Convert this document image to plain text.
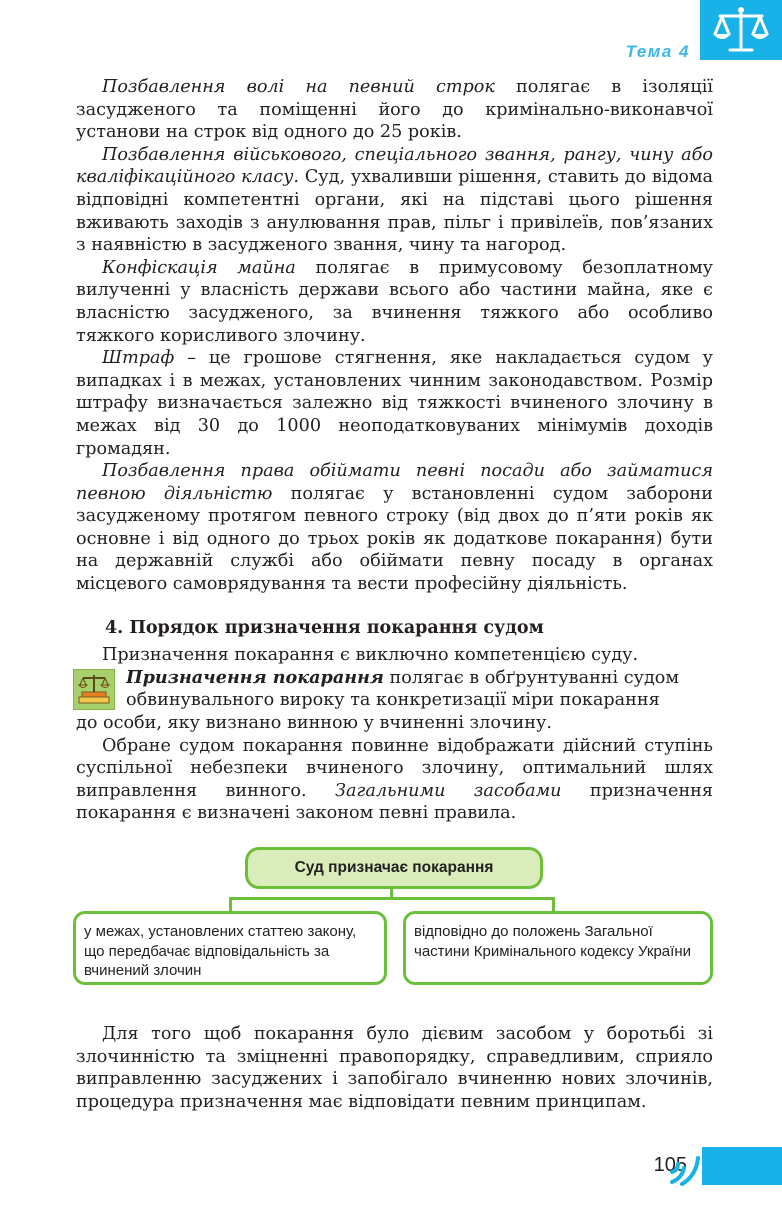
Тема 4

Позбавлення волі на певний строк полягає в ізоляції засудженого та поміщенні його до кримінально-виконавчої установи на строк від одного до 25 років.

Позбавлення військового, спеціального звання, рангу, чину або кваліфікаційного класу. Суд, ухваливши рішення, ставить до відома відповідні компетентні органи, які на підставі цього рішення вживають заходів з анулювання прав, пільг і привілеїв, пов’язаних з наявністю в засудженого звання, чину та нагород.

Конфіскація майна полягає в примусовому безоплатному вилученні у власність держави всього або частини майна, яке є власністю засудженого, за вчинення тяжкого або особливо тяжкого корисливого злочину.

Штраф – це грошове стягнення, яке накладається судом у випадках і в межах, установлених чинним законодавством. Розмір штрафу визначається залежно від тяжкості вчиненого злочину в межах від 30 до 1000 неоподатковуваних мінімумів доходів громадян.

Позбавлення права обіймати певні посади або займатися певною діяльністю полягає у встановленні судом заборони засудженому протягом певного строку (від двох до п’яти років як основне і від одного до трьох років як додаткове покарання) бути на державній службі або обіймати певну посаду в органах місцевого самоврядування та вести професійну діяльність.

4. Порядок призначення покарання судом

Призначення покарання є виключно компетенцією суду.

Призначення покарання полягає в обґрунтуванні судом

обвинувального вироку та конкретизації міри покарання

до особи, яку визнано винною у вчиненні злочину.

Обране судом покарання повинне відображати дійсний ступінь суспільної небезпеки вчиненого злочину, оптимальний шлях виправлення винного. Загальними засобами призначення покарання є визначені законом певні правила.

Суд призначає покарання
у межах, установлених статтею закону, що передбачає відповідальність за вчинений злочин
відповідно до положень Загальної частини Кримінального кодексу України

Для того щоб покарання було дієвим засобом у боротьбі зі злочинністю та зміцненні правопорядку, справедливим, сприяло виправленню засуджених і запобігало вчиненню нових злочинів, процедура призначення має відповідати певним принципам.

105
